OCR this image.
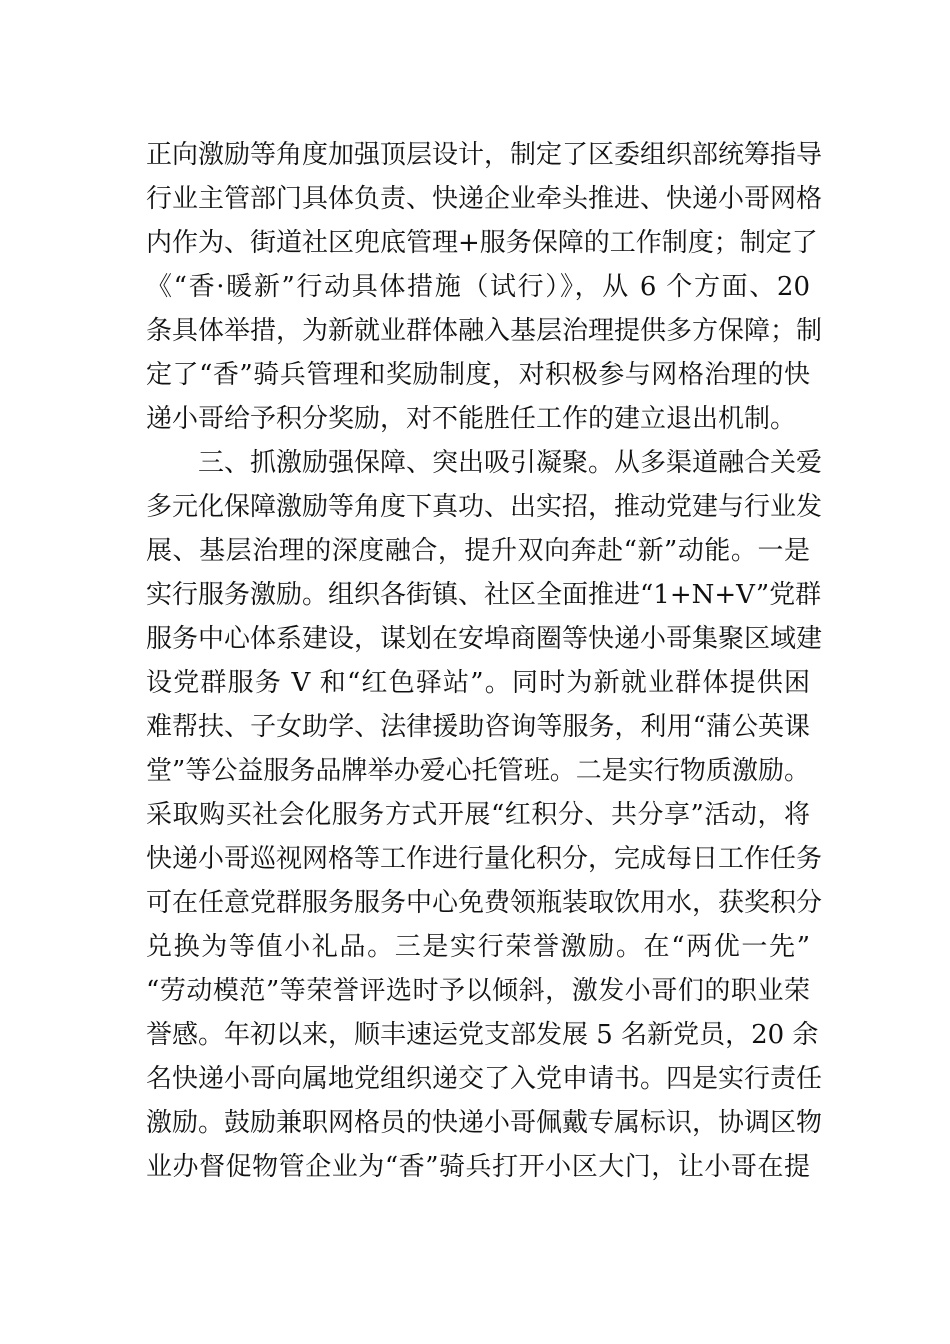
正向激励等角度加强顶层设计，制定了区委组织部统筹指导
行业主管部门具体负责、快递企业牵头推进、快递小哥网格
内作为、街道社区兜底管理+服务保障的工作制度；制定了
《“香·暖新”行动具体措施（试行）》，从 6 个方面、20
条具体举措，为新就业群体融入基层治理提供多方保障；制
定了“香”骑兵管理和奖励制度，对积极参与网格治理的快
递小哥给予积分奖励，对不能胜任工作的建立退出机制。
三、抓激励强保障、突出吸引凝聚。从多渠道融合关爱
多元化保障激励等角度下真功、出实招，推动党建与行业发
展、基层治理的深度融合，提升双向奔赴“新”动能。一是
实行服务激励。组织各街镇、社区全面推进“1+N+V”党群
服务中心体系建设，谋划在安埠商圈等快递小哥集聚区域建
设党群服务 V 和“红色驿站”。同时为新就业群体提供困
难帮扶、子女助学、法律援助咨询等服务，利用“蒲公英课
堂”等公益服务品牌举办爱心托管班。二是实行物质激励。
采取购买社会化服务方式开展“红积分、共分享”活动，将
快递小哥巡视网格等工作进行量化积分，完成每日工作任务
可在任意党群服务服务中心免费领瓶装取饮用水，获奖积分
兑换为等值小礼品。三是实行荣誉激励。在“两优一先”
“劳动模范”等荣誉评选时予以倾斜，激发小哥们的职业荣
誉感。年初以来，顺丰速运党支部发展 5 名新党员，20 余
名快递小哥向属地党组织递交了入党申请书。四是实行责任
激励。鼓励兼职网格员的快递小哥佩戴专属标识，协调区物
业办督促物管企业为“香”骑兵打开小区大门，让小哥在提
